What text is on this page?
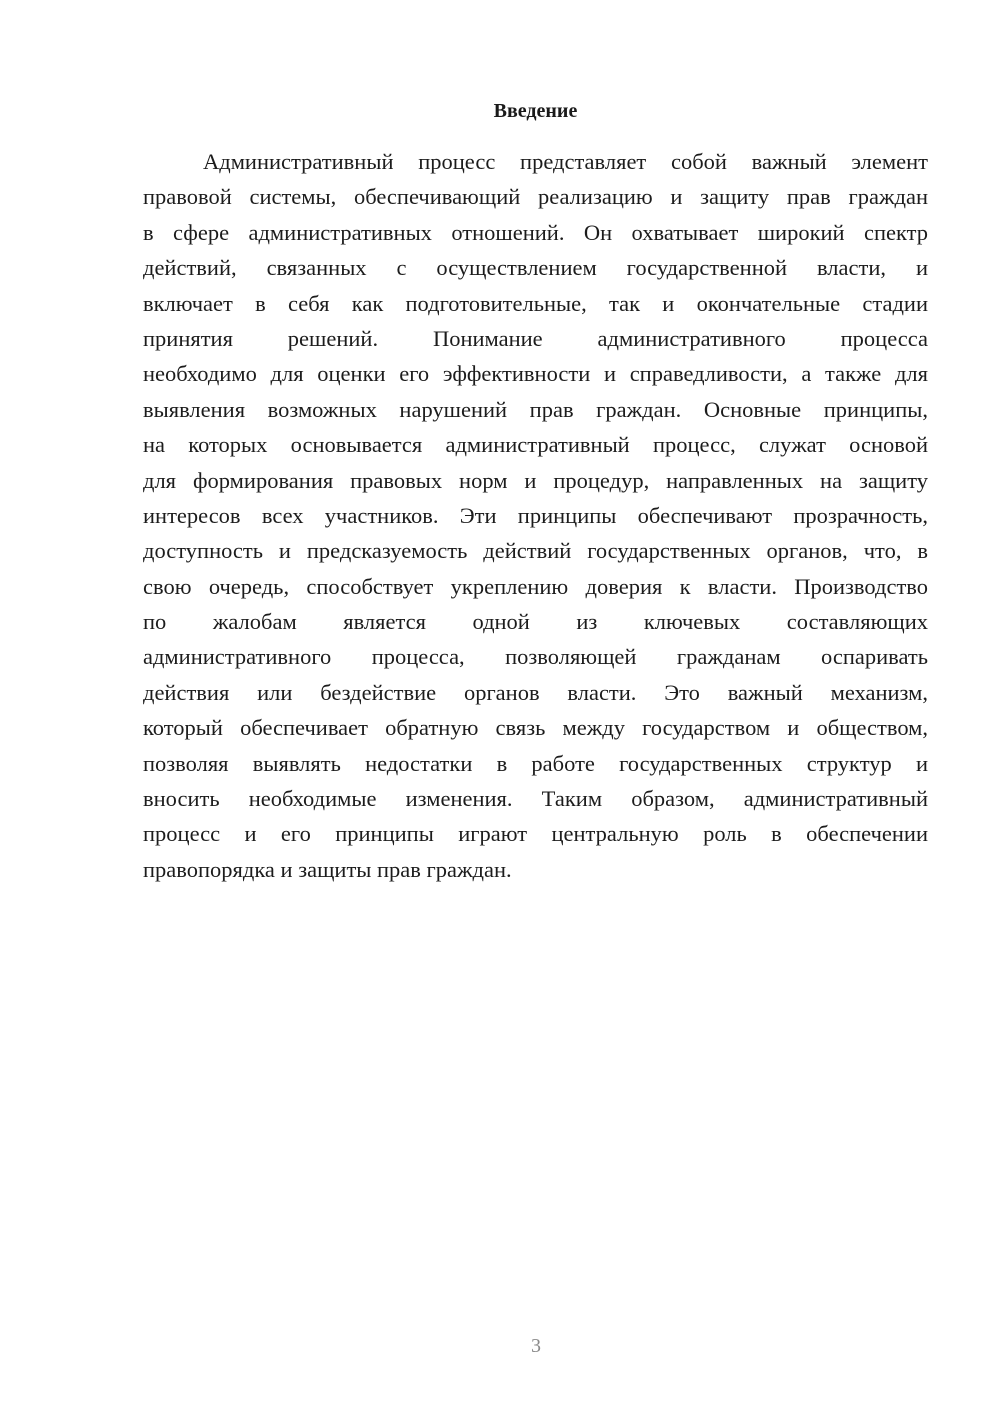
Введение
Административный процесс представляет собой важный элемент
правовой системы, обеспечивающий реализацию и защиту прав граждан
в сфере административных отношений. Он охватывает широкий спектр
действий, связанных с осуществлением государственной власти, и
включает в себя как подготовительные, так и окончательные стадии
принятия решений. Понимание административного процесса
необходимо для оценки его эффективности и справедливости, а также для
выявления возможных нарушений прав граждан. Основные принципы,
на которых основывается административный процесс, служат основой
для формирования правовых норм и процедур, направленных на защиту
интересов всех участников. Эти принципы обеспечивают прозрачность,
доступность и предсказуемость действий государственных органов, что, в
свою очередь, способствует укреплению доверия к власти. Производство
по жалобам является одной из ключевых составляющих
административного процесса, позволяющей гражданам оспаривать
действия или бездействие органов власти. Это важный механизм,
который обеспечивает обратную связь между государством и обществом,
позволяя выявлять недостатки в работе государственных структур и
вносить необходимые изменения. Таким образом, административный
процесс и его принципы играют центральную роль в обеспечении
правопорядка и защиты прав граждан.
3
